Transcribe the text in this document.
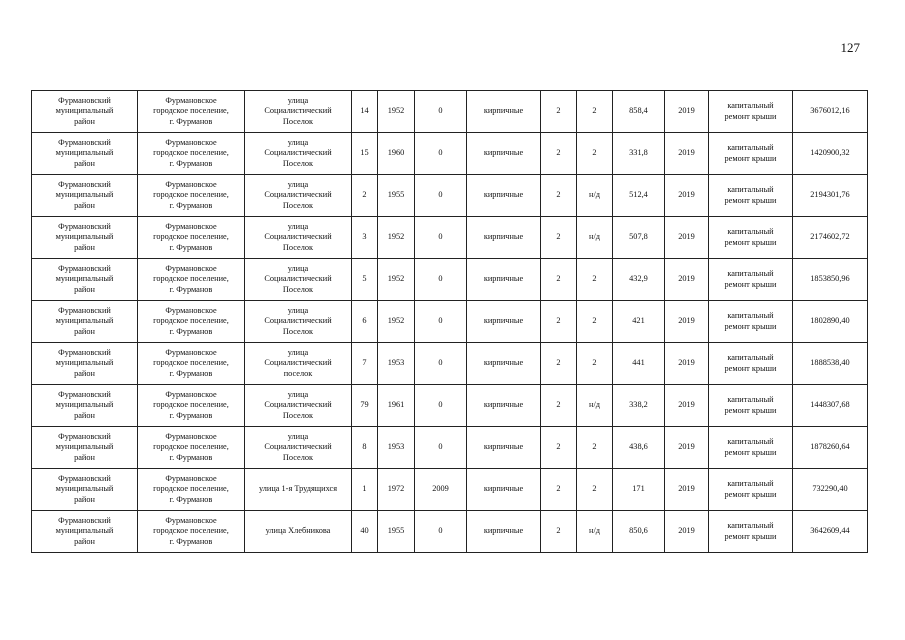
127
Фурмановский
муниципальный
район	Фурмановское
городское поселение,
г. Фурманов	улица
Социалистический
Поселок	14	1952	0	кирпичные	2	2	858,4	2019	капитальный
ремонт крыши	3676012,16
Фурмановский
муниципальный
район	Фурмановское
городское поселение,
г. Фурманов	улица
Социалистический
Поселок	15	1960	0	кирпичные	2	2	331,8	2019	капитальный
ремонт крыши	1420900,32
Фурмановский
муниципальный
район	Фурмановское
городское поселение,
г. Фурманов	улица
Социалистический
Поселок	2	1955	0	кирпичные	2	н/д	512,4	2019	капитальный
ремонт крыши	2194301,76
Фурмановский
муниципальный
район	Фурмановское
городское поселение,
г. Фурманов	улица
Социалистический
Поселок	3	1952	0	кирпичные	2	н/д	507,8	2019	капитальный
ремонт крыши	2174602,72
Фурмановский
муниципальный
район	Фурмановское
городское поселение,
г. Фурманов	улица
Социалистический
Поселок	5	1952	0	кирпичные	2	2	432,9	2019	капитальный
ремонт крыши	1853850,96
Фурмановский
муниципальный
район	Фурмановское
городское поселение,
г. Фурманов	улица
Социалистический
Поселок	6	1952	0	кирпичные	2	2	421	2019	капитальный
ремонт крыши	1802890,40
Фурмановский
муниципальный
район	Фурмановское
городское поселение,
г. Фурманов	улица
Социалистический
поселок	7	1953	0	кирпичные	2	2	441	2019	капитальный
ремонт крыши	1888538,40
Фурмановский
муниципальный
район	Фурмановское
городское поселение,
г. Фурманов	улица
Социалистический
Поселок	79	1961	0	кирпичные	2	н/д	338,2	2019	капитальный
ремонт крыши	1448307,68
Фурмановский
муниципальный
район	Фурмановское
городское поселение,
г. Фурманов	улица
Социалистический
Поселок	8	1953	0	кирпичные	2	2	438,6	2019	капитальный
ремонт крыши	1878260,64
Фурмановский
муниципальный
район	Фурмановское
городское поселение,
г. Фурманов	улица 1-я Трудящихся	1	1972	2009	кирпичные	2	2	171	2019	капитальный
ремонт крыши	732290,40
Фурмановский
муниципальный
район	Фурмановское
городское поселение,
г. Фурманов	улица Хлебникова	40	1955	0	кирпичные	2	н/д	850,6	2019	капитальный
ремонт крыши	3642609,44
